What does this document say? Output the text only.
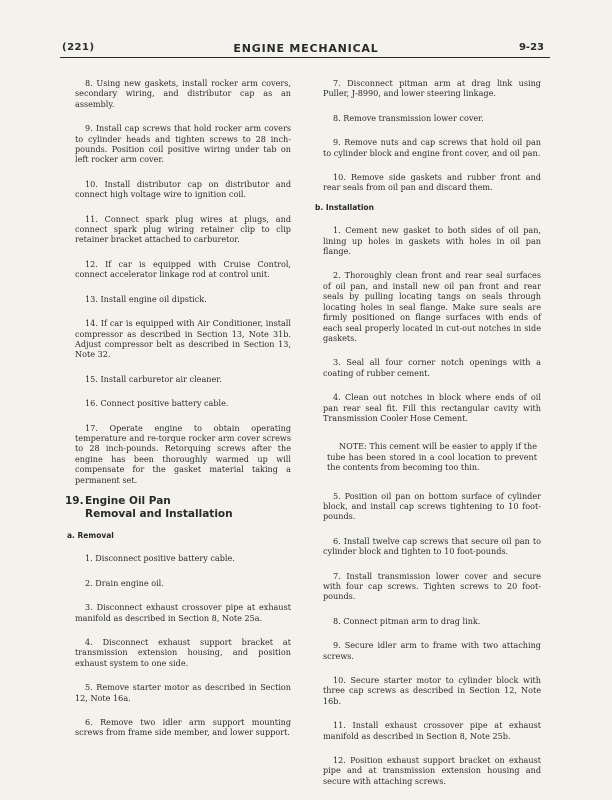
(221)	ENGINE MECHANICAL	9-23

8. Using new gaskets, install rocker arm covers, secondary wiring, and distributor cap as an assembly.

9. Install cap screws that hold rocker arm covers to cylinder heads and tighten screws to 28 inch-pounds. Position coil positive wiring under tab on left rocker arm cover.

10. Install distributor cap on distributor and connect high voltage wire to ignition coil.

11. Connect spark plug wires at plugs, and connect spark plug wiring retainer clip to clip retainer bracket attached to carburetor.

12. If car is equipped with Cruise Control, connect accelerator linkage rod at control unit.

13. Install engine oil dipstick.

14. If car is equipped with Air Conditioner, install compressor as described in Section 13, Note 31b. Adjust compressor belt as described in Section 13, Note 32.

15. Install carburetor air cleaner.

16. Connect positive battery cable.

17. Operate engine to obtain operating temperature and re-torque rocker arm cover screws to 28 inch-pounds. Retorquing screws after the engine has been thoroughly warmed up will compensate for the gasket material taking a permanent set.

19.Engine Oil Pan
Removal and Installation
a. Removal

1. Disconnect positive battery cable.

2. Drain engine oil.

3. Disconnect exhaust crossover pipe at exhaust manifold as described in Section 8, Note 25a.

4. Disconnect exhaust support bracket at transmission extension housing, and position exhaust system to one side.

5. Remove starter motor as described in Section 12, Note 16a.

6. Remove two idler arm support mounting screws from frame side member, and lower support.

7. Disconnect pitman arm at drag link using Puller, J-8990, and lower steering linkage.

8. Remove transmission lower cover.

9. Remove nuts and cap screws that hold oil pan to cylinder block and engine front cover, and oil pan.

10. Remove side gaskets and rubber front and rear seals from oil pan and discard them.

b. Installation

1. Cement new gasket to both sides of oil pan, lining up holes in gaskets with holes in oil pan flange.

2. Thoroughly clean front and rear seal surfaces of oil pan, and install new oil pan front and rear seals by pulling locating tangs on seals through locating holes in seal flange. Make sure seals are firmly positioned on flange surfaces with ends of each seal properly located in cut-out notches in side gaskets.

3. Seal all four corner notch openings with a coating of rubber cement.

4. Clean out notches in block where ends of oil pan rear seal fit. Fill this rectangular cavity with Transmission Cooler Hose Cement.

NOTE: This cement will be easier to apply if the tube has been stored in a cool location to prevent the contents from becoming too thin.

5. Position oil pan on bottom surface of cylinder block, and install cap screws tightening to 10 foot-pounds.

6. Install twelve cap screws that secure oil pan to cylinder block and tighten to 10 foot-pounds.

7. Install transmission lower cover and secure with four cap screws. Tighten screws to 20 foot-pounds.

8. Connect pitman arm to drag link.

9. Secure idler arm to frame with two attaching screws.

10. Secure starter motor to cylinder block with three cap screws as described in Section 12, Note 16b.

11. Install exhaust crossover pipe at exhaust manifold as described in Section 8, Note 25b.

12. Position exhaust support bracket on exhaust pipe and at transmission extension housing and secure with attaching screws.
